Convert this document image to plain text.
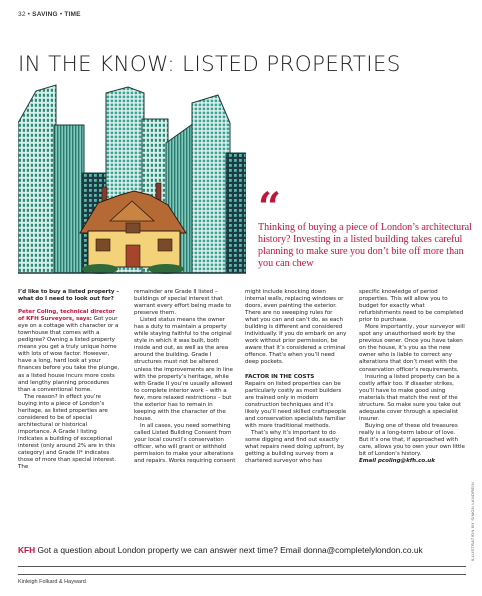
32 • SAVING • TIME
IN THE KNOW: LISTED PROPERTIES
“

Thinking of buying a piece of London’s architectural history? Investing in a listed building takes careful planning to make sure you don’t bite off more than you can chew

I’d like to buy a listed property – what do I need to look out for?

Peter Coling, technical director of KFH Surveyors, says: Got your eye on a cottage with character or a townhouse that comes with a pedigree? Owning a listed property means you get a truly unique home with lots of wow factor. However, have a long, hard look at your finances before you take the plunge, as a listed house incurs more costs and lengthy planning procedures than a conventional home.

The reason? In effect you’re buying into a piece of London’s heritage, as listed properties are considered to be of special architectural or historical importance. A Grade I listing indicates a building of exceptional interest (only around 2% are in this category) and Grade II* indicates those of more than special interest. The

remainder are Grade II listed – buildings of special interest that warrant every effort being made to preserve them.

Listed status means the owner has a duty to maintain a property while staying faithful to the original style in which it was built, both inside and out, as well as the area around the building. Grade I structures must not be altered unless the improvements are in line with the property’s heritage, while with Grade II you’re usually allowed to complete interior work – with a few, more relaxed restrictions – but the exterior has to remain in keeping with the character of the house.

In all cases, you need something called Listed Building Consent from your local council’s conservation officer, who will grant or withhold permission to make your alterations and repairs. Works requiring consent

might include knocking down internal walls, replacing windows or doors, even painting the exterior. There are no sweeping rules for what you can and can’t do, as each building is different and considered individually. If you do embark on any work without prior permission, be aware that it’s considered a criminal offence. That’s when you’ll need deep pockets.

FACTOR IN THE COSTS

Repairs on listed properties can be particularly costly as most builders are trained only in modern construction techniques and it’s likely you’ll need skilled craftspeople and conservation specialists familiar with more traditional methods.

That’s why it’s important to do some digging and find out exactly what repairs need doing upfront, by getting a building survey from a chartered surveyor who has

specific knowledge of period properties. This will allow you to budget for exactly what refurbishments need to be completed prior to purchase.

More importantly, your surveyor will spot any unauthorised work by the previous owner. Once you have taken on the house, it’s you as the new owner who is liable to correct any alterations that don’t meet with the conservation officer’s requirements.

Insuring a listed property can be a costly affair too. If disaster strikes, you’ll have to make good using materials that match the rest of the structure. So make sure you take out adequate cover through a specialist insurer.

Buying one of these old treasures really is a long-term labour of love. But it’s one that, if approached with care, allows you to own your own little bit of London’s history.

Email pcoling@kfh.co.uk

ILLUSTRATION BY SIMON LANDREIN
KFH Got a question about London property we can answer next time? Email donna@completelylondon.co.uk
Kinleigh Folkard & Hayward
